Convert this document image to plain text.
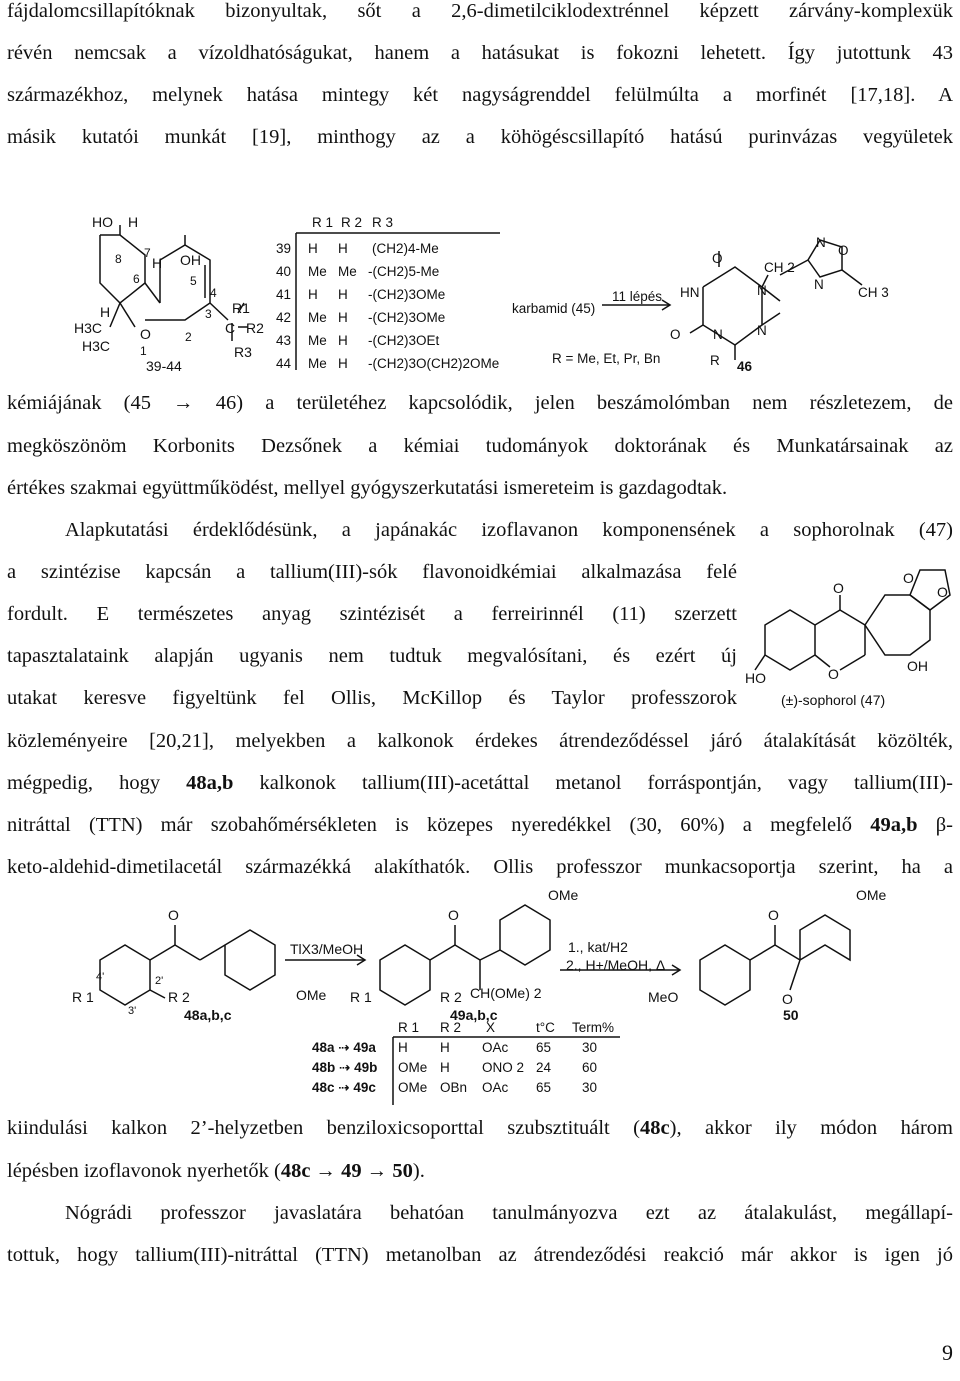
fájdalomcsillapítóknak bizonyultak, sőt a 2,6-dimetilciklodextrénnel képzett zárvány-komplexük
révén nemcsak a vízoldhatóságukat, hanem a hatásukat is fokozni lehetett. Így jutottunk 43
származékhoz, melynek hatása mintegy két nagyságrenddel felülmúlta a morfinét [17,18]. A
másik kutatói munkát [19], minthogy az a köhögéscsillapító hatású purinvázas vegyületek
HO H
8 7
H OH
6	5
4
3
2
O
1
H
H3C
H3C
39-44
C
R1
R2
R3
R 1 R 2 R 3
39 H H (CH2)4-Me
40 Me Me -(CH2)5-Me
41 H H -(CH2)3OMe
42 Me H -(CH2)3OMe
43 Me H -(CH2)3OEt
44 Me H -(CH2)3O(CH2)2OMe
11 lépés
karbamid (45)
R = Me, Et, Pr, Bn
HN
O
O N
R
N
N
CH 2
N
O
N
CH 3
46
kémiájának (45 → 46) a területéhez kapcsolódik, jelen beszámolómban nem részletezem, de
megköszönöm Korbonits Dezsőnek a kémiai tudományok doktorának és Munkatársainak az
értékes szakmai együttműködést, mellyel gyógyszerkutatási ismereteim is gazdagodtak.
Alapkutatási érdeklődésünk, a japánakác izoflavanon komponensének a sophorolnak (47)
a szintézise kapcsán a tallium(III)-sók flavonoidkémiai alkalmazása felé
fordult. E természetes anyag szintézisét a ferreirinnél (11) szerzett
tapasztalataink alapján ugyanis nem tudtuk megvalósítani, és ezért új
utakat keresve figyeltünk fel Ollis, McKillop és Taylor professzorok
O
O
HO
O
O
OH
(±)-sophorol (47)
közleményeire [20,21], melyekben a kalkonok érdekes átrendeződéssel járó átalakítását közölték,
mégpedig, hogy 48a,b kalkonok tallium(III)-acetáttal metanol forráspontján, vagy tallium(III)-
nitráttal (TTN) már szobahőmérsékleten is közepes nyeredékkel (30, 60%) a megfelelő 49a,b β-
keto-aldehid-dimetilacetál származékká alakíthatók. Ollis professzor munkacsoportja szerint, ha a
O
R 1
4'	2'
3'
R 2
48a,b,c
TlX3/MeOH
OMe
O
R 1	R 2 CH(OMe) 2
49a,b,c
OMe
1., kat/H2
2., H+/MeOH, Δ
MeO
O
O
OMe
50
R 1 R 2 X	t°C Term%
48a ⇢ 49a H H OAc 65 30
48b ⇢ 49b OMe H ONO 2 24 60
48c ⇢ 49c OMe OBn OAc 65 30
kiindulási kalkon 2’-helyzetben benziloxicsoporttal szubsztituált (48c), akkor ily módon három
lépésben izoflavonok nyerhetők (48c → 49 → 50).
Nógrádi professzor javaslatára behatóan tanulmányozva ezt az átalakulást, megállapí-
tottuk, hogy tallium(III)-nitráttal (TTN) metanolban az átrendeződési reakció már akkor is igen jó
9
